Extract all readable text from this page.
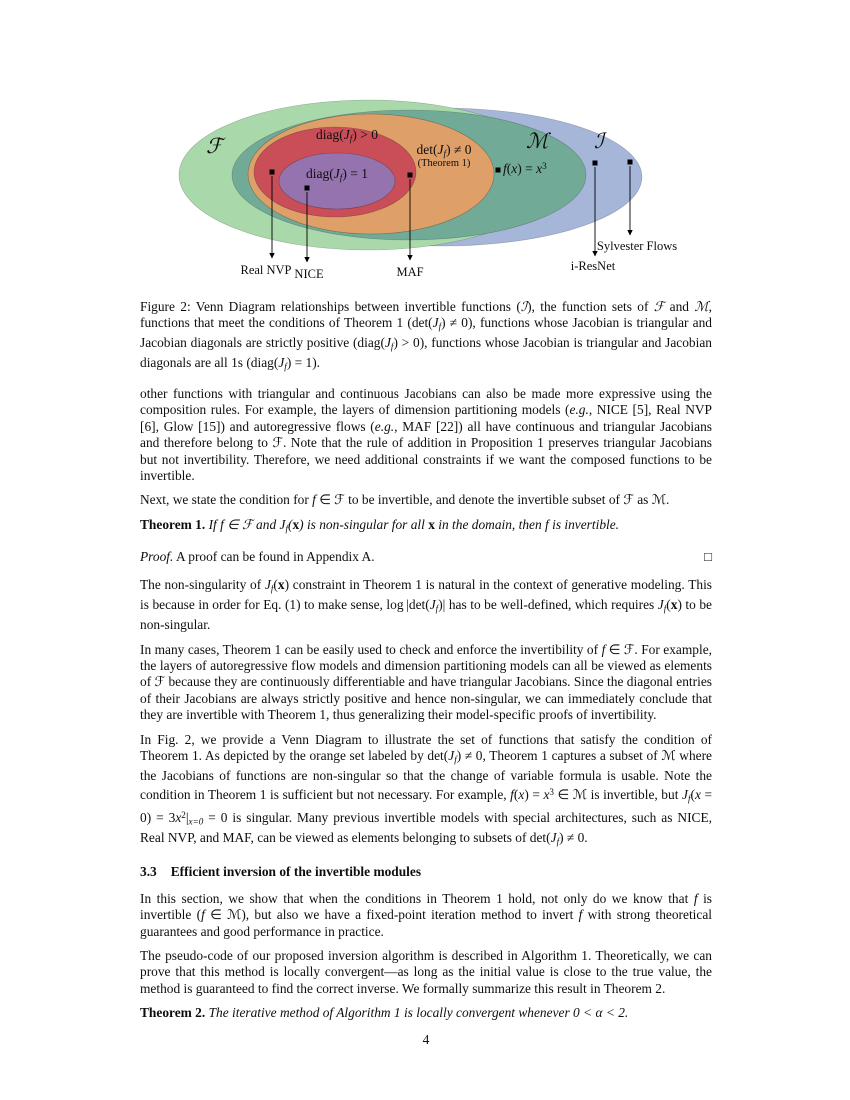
ℱ	ℳ ℐ
diag(Jf) > 0
diag(Jf) = 1
det(Jf) ≠ 0
(Theorem 1) $f(x) = x^3$
Real NVP NICE	MAF	i-ResNet
Sylvester Flows
Figure 2: Venn Diagram relationships between invertible functions (ℐ), the function sets of ℱ and ℳ, functions that meet the conditions of Theorem 1 (det(Jf) ≠ 0), functions whose Jacobian is triangular and Jacobian diagonals are strictly positive (diag(Jf) > 0), functions whose Jacobian is triangular and Jacobian diagonals are all 1s (diag(Jf) = 1).

other functions with triangular and continuous Jacobians can also be made more expressive using the composition rules. For example, the layers of dimension partitioning models (e.g., NICE [5], Real NVP [6], Glow [15]) and autoregressive flows (e.g., MAF [22]) all have continuous and triangular Jacobians and therefore belong to ℱ. Note that the rule of addition in Proposition 1 preserves triangular Jacobians but not invertibility. Therefore, we need additional constraints if we want the composed functions to be invertible.

Next, we state the condition for f ∈ ℱ to be invertible, and denote the invertible subset of ℱ as ℳ.

Theorem 1. If f ∈ ℱ and Jf(x) is non-singular for all x in the domain, then f is invertible.

□
Proof. A proof can be found in Appendix A.

The non-singularity of Jf(x) constraint in Theorem 1 is natural in the context of generative modeling. This is because in order for Eq. (1) to make sense, log |det(Jf)| has to be well-defined, which requires Jf(x) to be non-singular.

In many cases, Theorem 1 can be easily used to check and enforce the invertibility of f ∈ ℱ. For example, the layers of autoregressive flow models and dimension partitioning models can all be viewed as elements of ℱ because they are continuously differentiable and have triangular Jacobians. Since the diagonal entries of their Jacobians are always strictly positive and hence non-singular, we can immediately conclude that they are invertible with Theorem 1, thus generalizing their model-specific proofs of invertibility.

In Fig. 2, we provide a Venn Diagram to illustrate the set of functions that satisfy the condition of Theorem 1. As depicted by the orange set labeled by det(Jf) ≠ 0, Theorem 1 captures a subset of ℳ where the Jacobians of functions are non-singular so that the change of variable formula is usable. Note the condition in Theorem 1 is sufficient but not necessary. For example, $f(x) = x^3$ ∈ ℳ is invertible, but $Jf(x = 0) = 3x^2|x=0 = 0$ is singular. Many previous invertible models with special architectures, such as NICE, Real NVP, and MAF, can be viewed as elements belonging to subsets of det(Jf) ≠ 0.

3.3 Efficient inversion of the invertible modules

In this section, we show that when the conditions in Theorem 1 hold, not only do we know that f is invertible (f ∈ ℳ), but also we have a fixed-point iteration method to invert f with strong theoretical guarantees and good performance in practice.

The pseudo-code of our proposed inversion algorithm is described in Algorithm 1. Theoretically, we can prove that this method is locally convergent—as long as the initial value is close to the true value, the method is guaranteed to find the correct inverse. We formally summarize this result in Theorem 2.

Theorem 2. The iterative method of Algorithm 1 is locally convergent whenever 0 < α < 2.

4
